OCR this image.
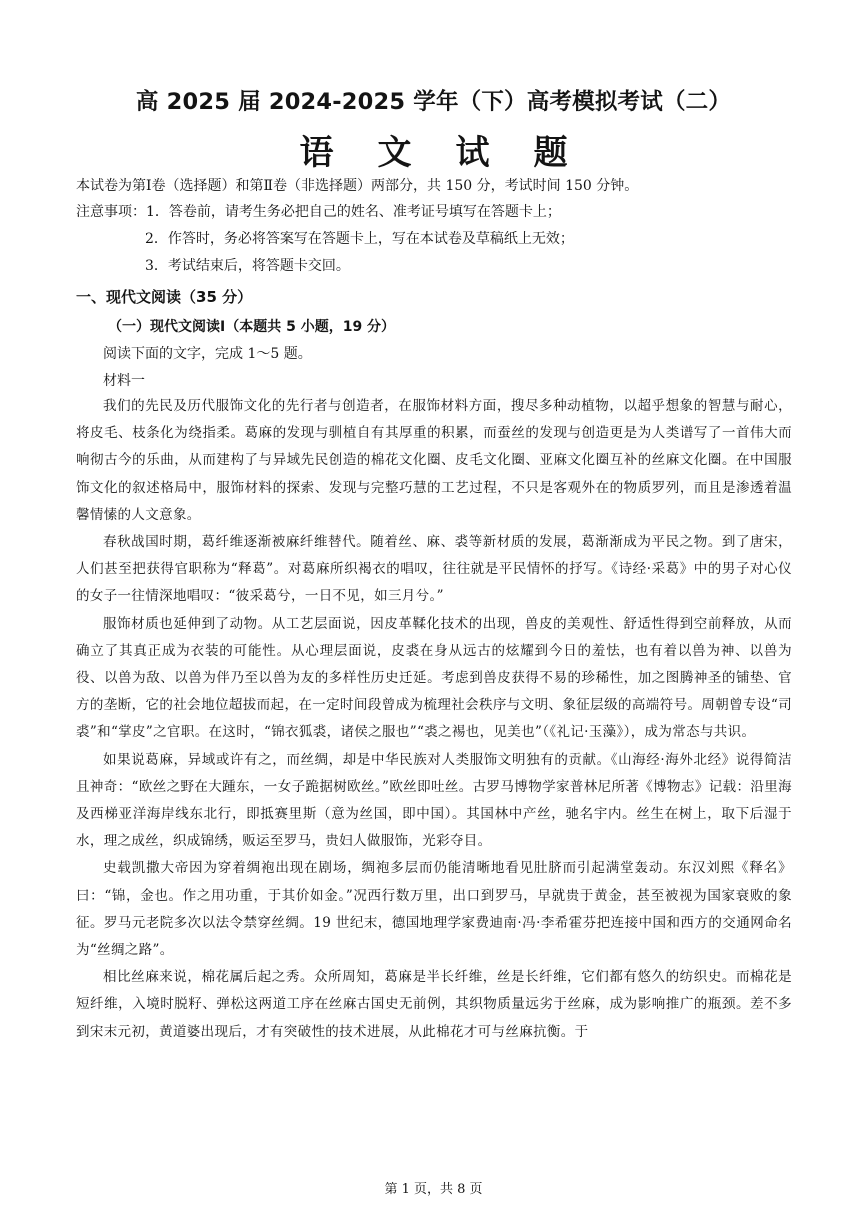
高 2025 届 2024-2025 学年（下）高考模拟考试（二）
语文试题
本试卷为第Ⅰ卷（选择题）和第Ⅱ卷（非选择题）两部分，共 150 分，考试时间 150 分钟。
注意事项：1．答卷前，请考生务必把自己的姓名、准考证号填写在答题卡上；
2．作答时，务必将答案写在答题卡上，写在本试卷及草稿纸上无效；
3．考试结束后，将答题卡交回。
一、现代文阅读（35 分）
（一）现代文阅读Ⅰ（本题共 5 小题，19 分）
阅读下面的文字，完成 1～5 题。
材料一

我们的先民及历代服饰文化的先行者与创造者，在服饰材料方面，搜尽多种动植物，以超乎想象的智慧与耐心，将皮毛、枝条化为绕指柔。葛麻的发现与驯植自有其厚重的积累，而蚕丝的发现与创造更是为人类谱写了一首伟大而响彻古今的乐曲，从而建构了与异域先民创造的棉花文化圈、皮毛文化圈、亚麻文化圈互补的丝麻文化圈。在中国服饰文化的叙述格局中，服饰材料的探索、发现与完整巧慧的工艺过程，不只是客观外在的物质罗列，而且是渗透着温馨情愫的人文意象。

春秋战国时期，葛纤维逐渐被麻纤维替代。随着丝、麻、裘等新材质的发展，葛渐渐成为平民之物。到了唐宋，人们甚至把获得官职称为“释葛”。对葛麻所织褐衣的唱叹，往往就是平民情怀的抒写。《诗经·采葛》中的男子对心仪的女子一往情深地唱叹：“彼采葛兮，一日不见，如三月兮。”

服饰材质也延伸到了动物。从工艺层面说，因皮革鞣化技术的出现，兽皮的美观性、舒适性得到空前释放，从而确立了其真正成为衣装的可能性。从心理层面说，皮裘在身从远古的炫耀到今日的羞怯，也有着以兽为神、以兽为役、以兽为敌、以兽为伴乃至以兽为友的多样性历史迁延。考虑到兽皮获得不易的珍稀性，加之图腾神圣的铺垫、官方的垄断，它的社会地位超拔而起，在一定时间段曾成为梳理社会秩序与文明、象征层级的高端符号。周朝曾专设“司裘”和“掌皮”之官职。在这时，“锦衣狐裘，诸侯之服也”“裘之裼也，见美也”（《礼记·玉藻》），成为常态与共识。

如果说葛麻，异域或许有之，而丝绸，却是中华民族对人类服饰文明独有的贡献。《山海经·海外北经》说得简洁且神奇：“欧丝之野在大踵东，一女子跪据树欧丝。”欧丝即吐丝。古罗马博物学家普林尼所著《博物志》记载：沿里海及西梯亚洋海岸线东北行，即抵赛里斯（意为丝国，即中国）。其国林中产丝，驰名宇内。丝生在树上，取下后湿于水，理之成丝，织成锦绣，贩运至罗马，贵妇人做服饰，光彩夺目。

史载凯撒大帝因为穿着绸袍出现在剧场，绸袍多层而仍能清晰地看见肚脐而引起满堂轰动。东汉刘熙《释名》曰：“锦，金也。作之用功重，于其价如金。”况西行数万里，出口到罗马，早就贵于黄金，甚至被视为国家衰败的象征。罗马元老院多次以法令禁穿丝绸。19 世纪末，德国地理学家费迪南·冯·李希霍芬把连接中国和西方的交通网命名为“丝绸之路”。

相比丝麻来说，棉花属后起之秀。众所周知，葛麻是半长纤维，丝是长纤维，它们都有悠久的纺织史。而棉花是短纤维，入境时脱籽、弹松这两道工序在丝麻古国史无前例，其织物质量远劣于丝麻，成为影响推广的瓶颈。差不多到宋末元初，黄道婆出现后，才有突破性的技术进展，从此棉花才可与丝麻抗衡。于

第 1 页，共 8 页
